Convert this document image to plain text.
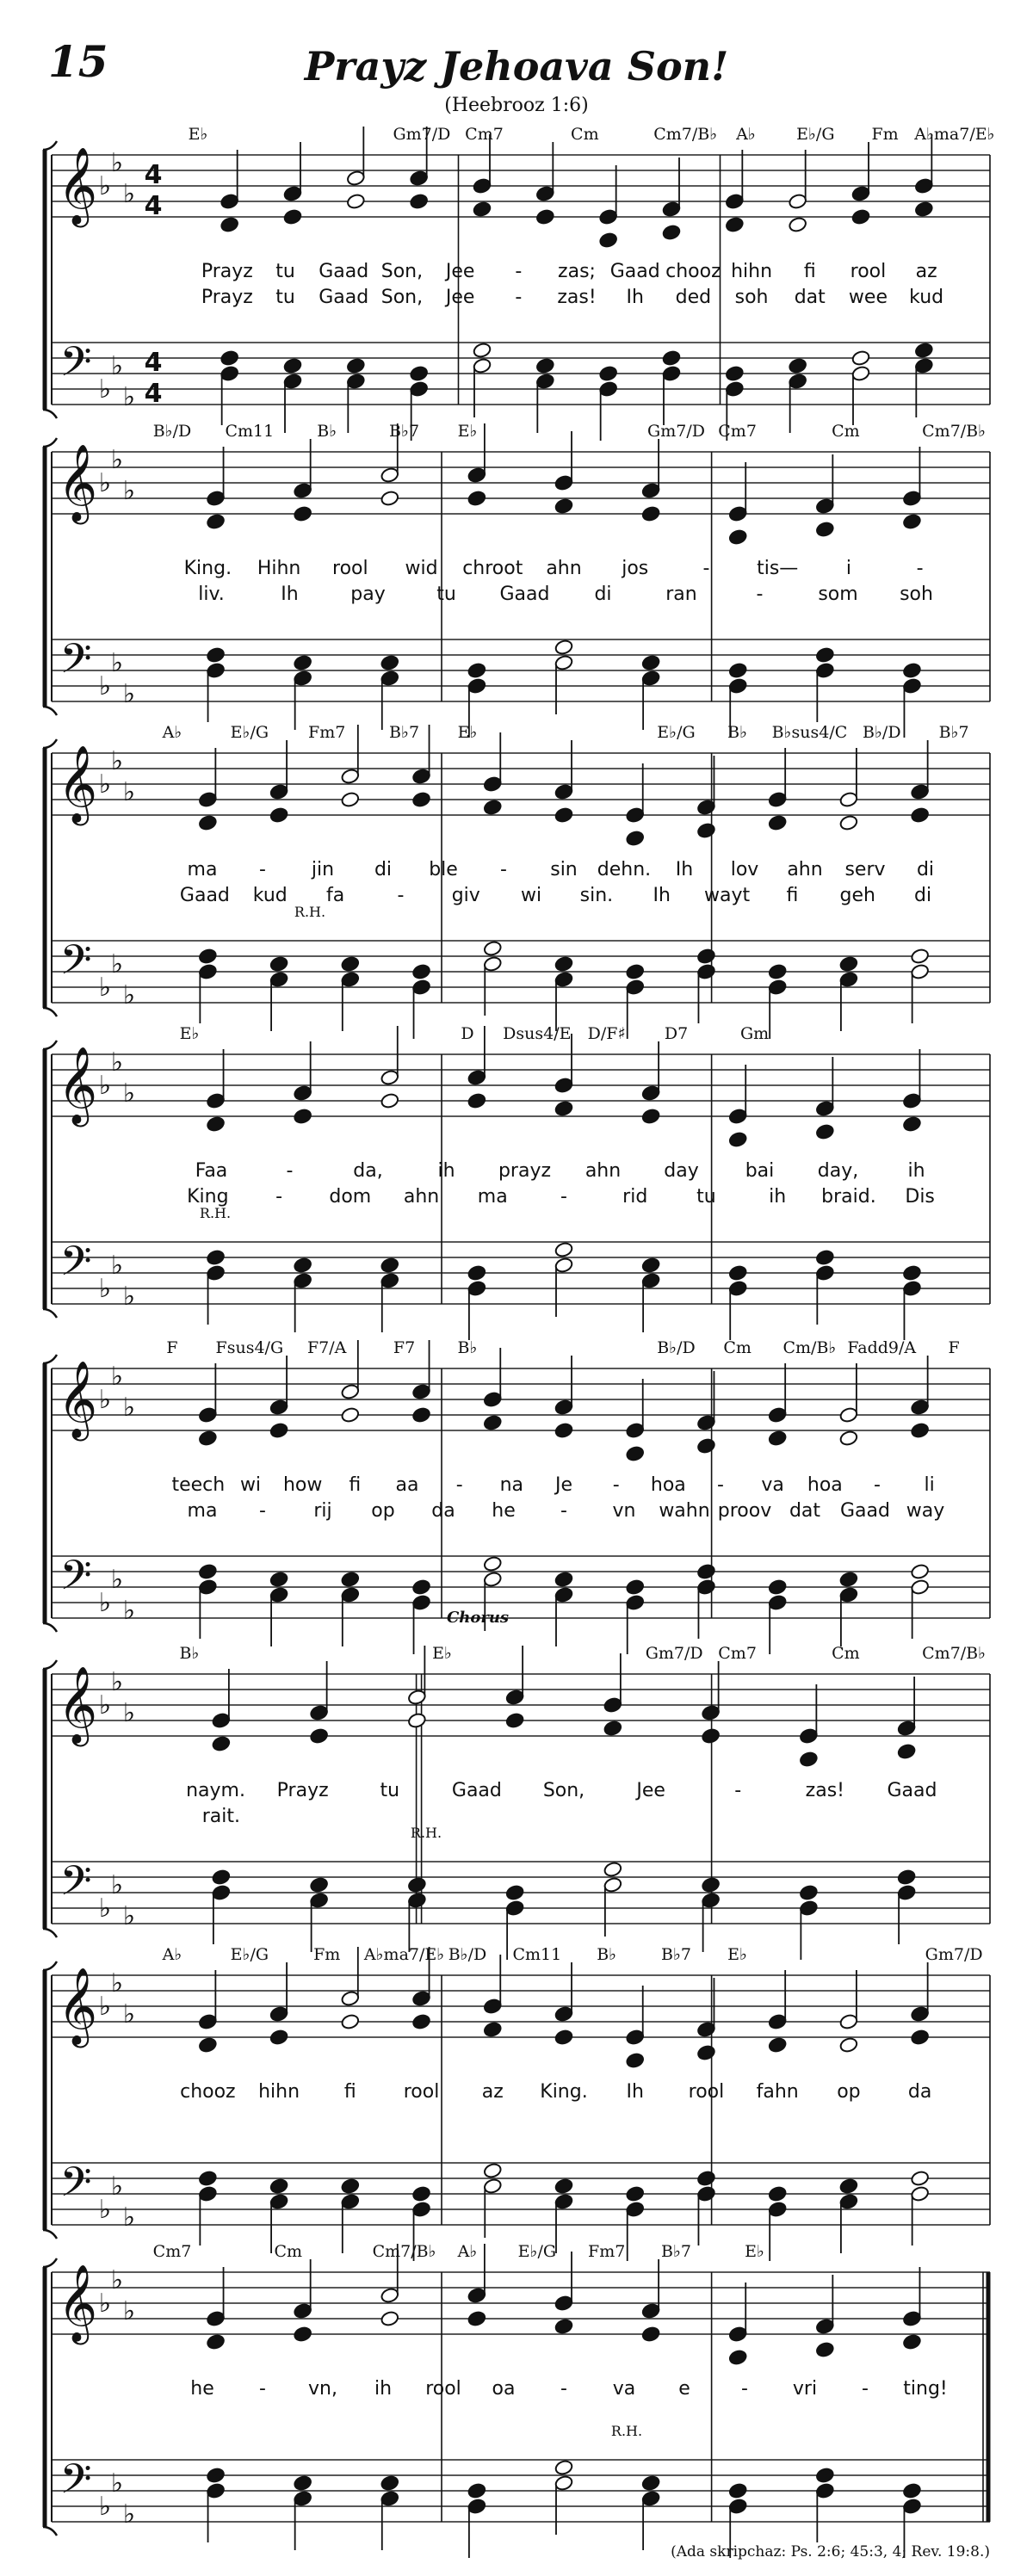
15	Prayz Jehoava Son!
(Heebrooz 1:6)
𝄞
𝄢
♭
♭
♭
♭
♭
♭
4
4
4
4
E♭	Gm7/D Cm7	Cm	Cm7/B♭ A♭ E♭/G Fm A♭ma7/E♭
Prayz tu Gaad Son, Jee - zas; Gaad chooz hihn fi rool az
Prayz tu Gaad Son, Jee - zas! Ih ded soh dat wee kud
𝄞
𝄢
♭
♭
♭
♭
♭
♭
B♭/D Cm11	B♭	B♭7 E♭	Gm7/D Cm7	Cm	Cm7/B♭
King. Hihn rool wid chroot ahn jos	- tis—	i	-
liv.	Ih	pay	tu Gaad di	ran	-	som soh
𝄞
𝄢
♭
♭
♭
♭
♭
♭
A♭	E♭/G Fm7	B♭7 E♭	E♭/G B♭ B♭sus4/C B♭/D B♭7
ma - jin di ble - sin dehn. Ih lov ahn serv di
Gaad kud fa	-	giv wi sin. Ih wayt fi geh di
𝄞
𝄢
♭
♭
♭
♭
♭
♭
E♭	D Dsus4/E D/F♯ D7	Gm
Faa	-	da,	ih prayz ahn day bai day,	ih
King - dom ahn ma	-	rid	tu	ih braid. Dis
𝄞
𝄢
♭
♭
♭
♭
♭
♭
F Fsus4/G F7/A	F7	B♭	B♭/D Cm Cm/B♭ Fadd9/A F
teech wi how fi aa - na Je - hoa - va hoa - li
ma -	rij op da he - vn wahn proov dat Gaad way
𝄞
𝄢
♭
♭
♭
♭
♭
♭
B♭	E♭	Gm7/D Cm7	Cm	Cm7/B♭
naym. Prayz	tu	Gaad Son,	Jee	-	zas! Gaad
rait.
𝄞
𝄢
♭
♭
♭
♭
♭
♭
A♭	E♭/G	Fm A♭ma7/E♭ B♭/D Cm11 B♭	B♭7 E♭	Gm7/D
chooz hihn fi	rool az King. Ih rool fahn op	da
𝄞
𝄢
♭
♭
♭
♭
♭
♭
Cm7	Cm	Cm7/B♭ A♭ E♭/G Fm7 B♭7	E♭
he - vn, ih rool oa - va e	- vri - ting!
Chorus
R.H.
R.H.
R.H.
R.H.
(Ada skripchaz: Ps. 2:6; 45:3, 4; Rev. 19:8.)
